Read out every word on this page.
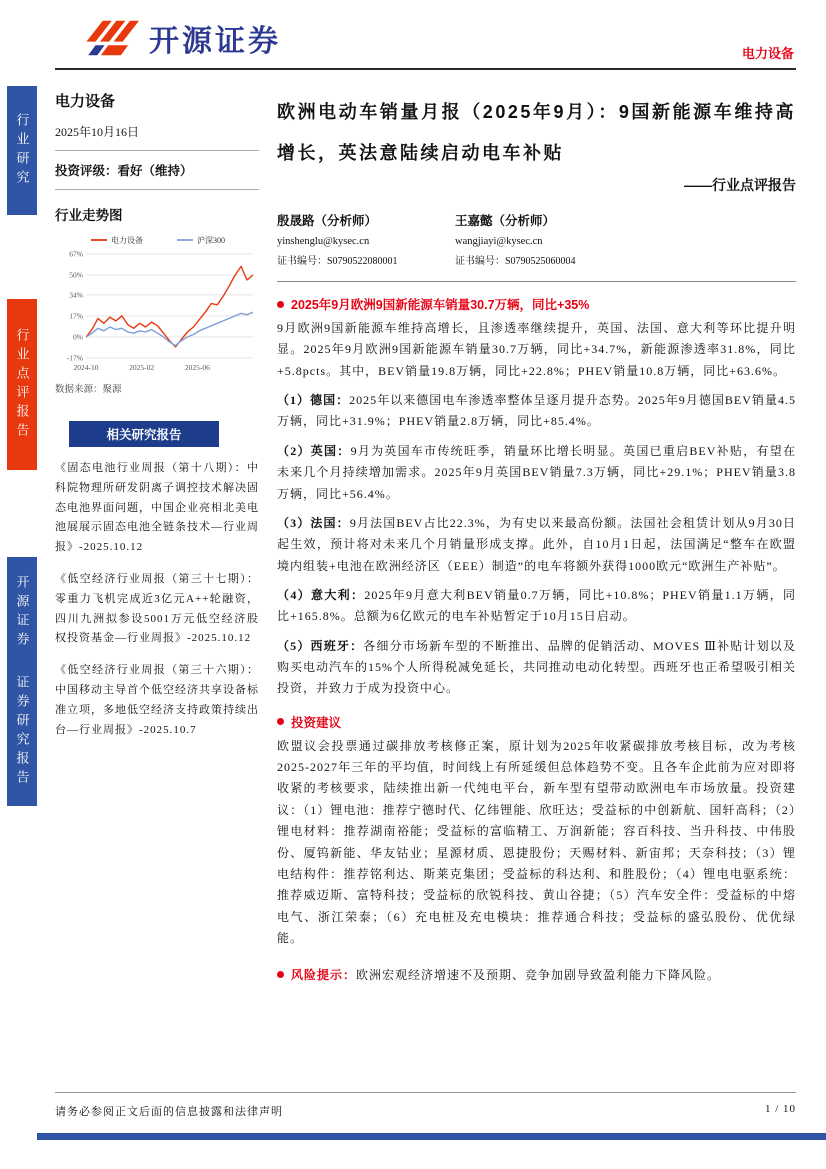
行业研究
行业点评报告
开源证券
证券研究报告
开源证券	电力设备
电力设备
2025年10月16日
投资评级：看好（维持）
行业走势图
67%
50%
34%
17%
0%
-17%
2024-10	2025-02	2025-06
电力设备	沪深300
数据来源：聚源
相关研究报告

《固态电池行业周报（第十八期）：中科院物理所研发阴离子调控技术解决固态电池界面问题，中国企业亮相北美电池展展示固态电池全链条技术—行业周报》-2025.10.12

《低空经济行业周报（第三十七期）：零重力飞机完成近3亿元A++轮融资，四川九洲拟参设5001万元低空经济股权投资基金—行业周报》-2025.10.12

《低空经济行业周报（第三十六期）：中国移动主导首个低空经济共享设备标准立项，多地低空经济支持政策持续出台—行业周报》-2025.10.7

欧洲电动车销量月报（2025年9月）：9国新能源车维持高增长，英法意陆续启动电车补贴
——行业点评报告
殷晟路（分析师）
yinshenglu@kysec.cn
证书编号：S0790522080001
王嘉懿（分析师）
wangjiayi@kysec.cn
证书编号：S0790525060004
2025年9月欧洲9国新能源车销量30.7万辆，同比+35%

9月欧洲9国新能源车维持高增长，且渗透率继续提升，英国、法国、意大利等环比提升明显。2025年9月欧洲9国新能源车销量30.7万辆，同比+34.7%，新能源渗透率31.8%，同比+5.8pcts。其中，BEV销量19.8万辆，同比+22.8%；PHEV销量10.8万辆，同比+63.6%。

（1）德国：2025年以来德国电车渗透率整体呈逐月提升态势。2025年9月德国BEV销量4.5万辆，同比+31.9%；PHEV销量2.8万辆，同比+85.4%。

（2）英国：9月为英国车市传统旺季，销量环比增长明显。英国已重启BEV补贴，有望在未来几个月持续增加需求。2025年9月英国BEV销量7.3万辆，同比+29.1%；PHEV销量3.8万辆，同比+56.4%。

（3）法国：9月法国BEV占比22.3%，为有史以来最高份额。法国社会租赁计划从9月30日起生效，预计将对未来几个月销量形成支撑。此外，自10月1日起，法国满足“整车在欧盟境内组装+电池在欧洲经济区（EEE）制造”的电车将额外获得1000欧元“欧洲生产补贴”。

（4）意大利：2025年9月意大利BEV销量0.7万辆，同比+10.8%；PHEV销量1.1万辆，同比+165.8%。总额为6亿欧元的电车补贴暂定于10月15日启动。

（5）西班牙：各细分市场新车型的不断推出、品牌的促销活动、MOVES Ⅲ补贴计划以及购买电动汽车的15%个人所得税减免延长，共同推动电动化转型。西班牙也正希望吸引相关投资，并致力于成为投资中心。

投资建议

欧盟议会投票通过碳排放考核修正案，原计划为2025年收紧碳排放考核目标，改为考核2025-2027年三年的平均值，时间线上有所延缓但总体趋势不变。且各车企此前为应对即将收紧的考核要求，陆续推出新一代纯电平台，新车型有望带动欧洲电车市场放量。投资建议：（1）锂电池：推荐宁德时代、亿纬锂能、欣旺达；受益标的中创新航、国轩高科；（2）锂电材料：推荐湖南裕能；受益标的富临精工、万润新能；容百科技、当升科技、中伟股份、厦钨新能、华友钴业；星源材质、恩捷股份；天赐材料、新宙邦；天奈科技；（3）锂电结构件：推荐铭利达、斯莱克集团；受益标的科达利、和胜股份；（4）锂电电驱系统：推荐威迈斯、富特科技；受益标的欣锐科技、黄山谷捷；（5）汽车安全件：受益标的中熔电气、浙江荣泰；（6）充电桩及充电模块：推荐通合科技；受益标的盛弘股份、优优绿能。

风险提示：欧洲宏观经济增速不及预期、竞争加剧导致盈利能力下降风险。
请务必参阅正文后面的信息披露和法律声明	1 / 10
